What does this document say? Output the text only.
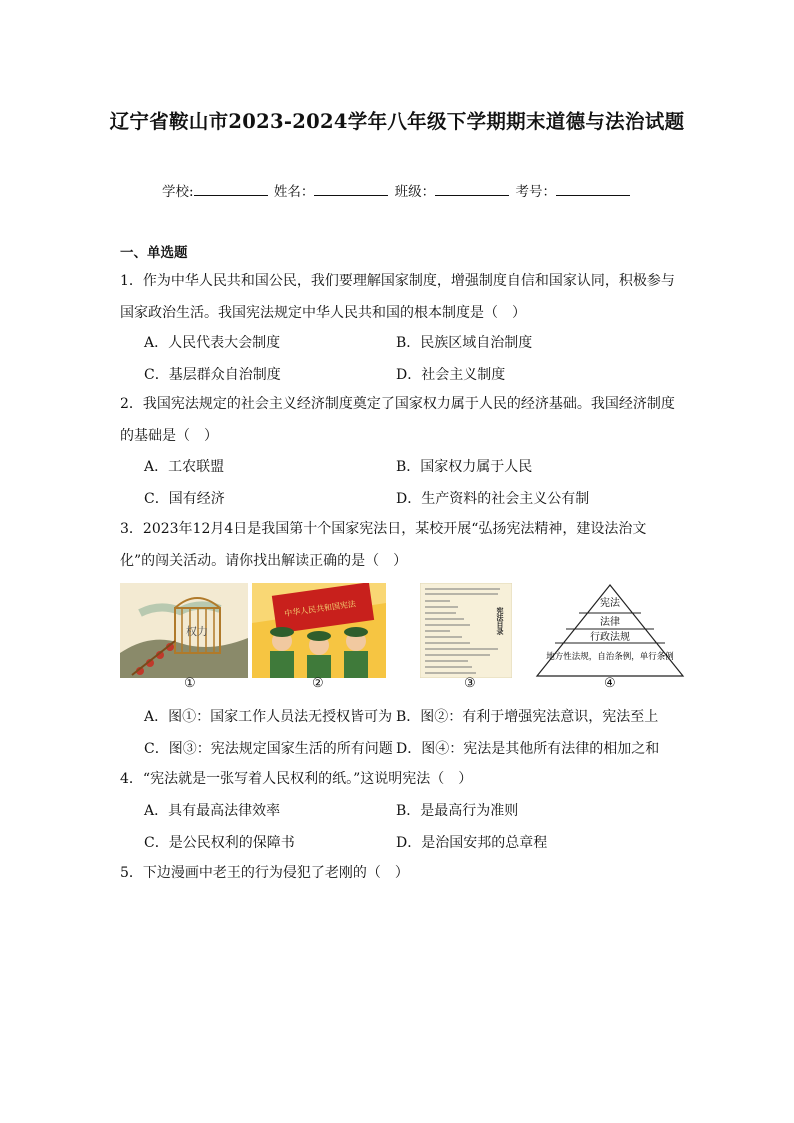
辽宁省鞍山市2023-2024学年八年级下学期期末道德与法治试题
学校:	姓名：	班级：	考号：
一、单选题
1．作为中华人民共和国公民，我们要理解国家制度，增强制度自信和国家认同，积极参与国家政治生活。我国宪法规定中华人民共和国的根本制度是（　）
A．人民代表大会制度	B．民族区域自治制度
C．基层群众自治制度	D．社会主义制度
2．我国宪法规定的社会主义经济制度奠定了国家权力属于人民的经济基础。我国经济制度的基础是（　）
A．工农联盟	B．国家权力属于人民
C．国有经济	D．生产资料的社会主义公有制
3．2023年12月4日是我国第十个国家宪法日，某校开展“弘扬宪法精神，建设法治文化”的闯关活动。请你找出解读正确的是（　）
权力
中华人民共和国宪法	宪法目录
宪法
法律
行政法规
地方性法规，自治条例，单行条例
①	②	③	④
A．图①：国家工作人员法无授权皆可为 B．图②：有利于增强宪法意识，宪法至上
C．图③：宪法规定国家生活的所有问题 D．图④：宪法是其他所有法律的相加之和
4．“宪法就是一张写着人民权利的纸。”这说明宪法（　）
A．具有最高法律效率	B．是最高行为准则
C．是公民权利的保障书	D．是治国安邦的总章程
5．下边漫画中老王的行为侵犯了老刚的（　）
